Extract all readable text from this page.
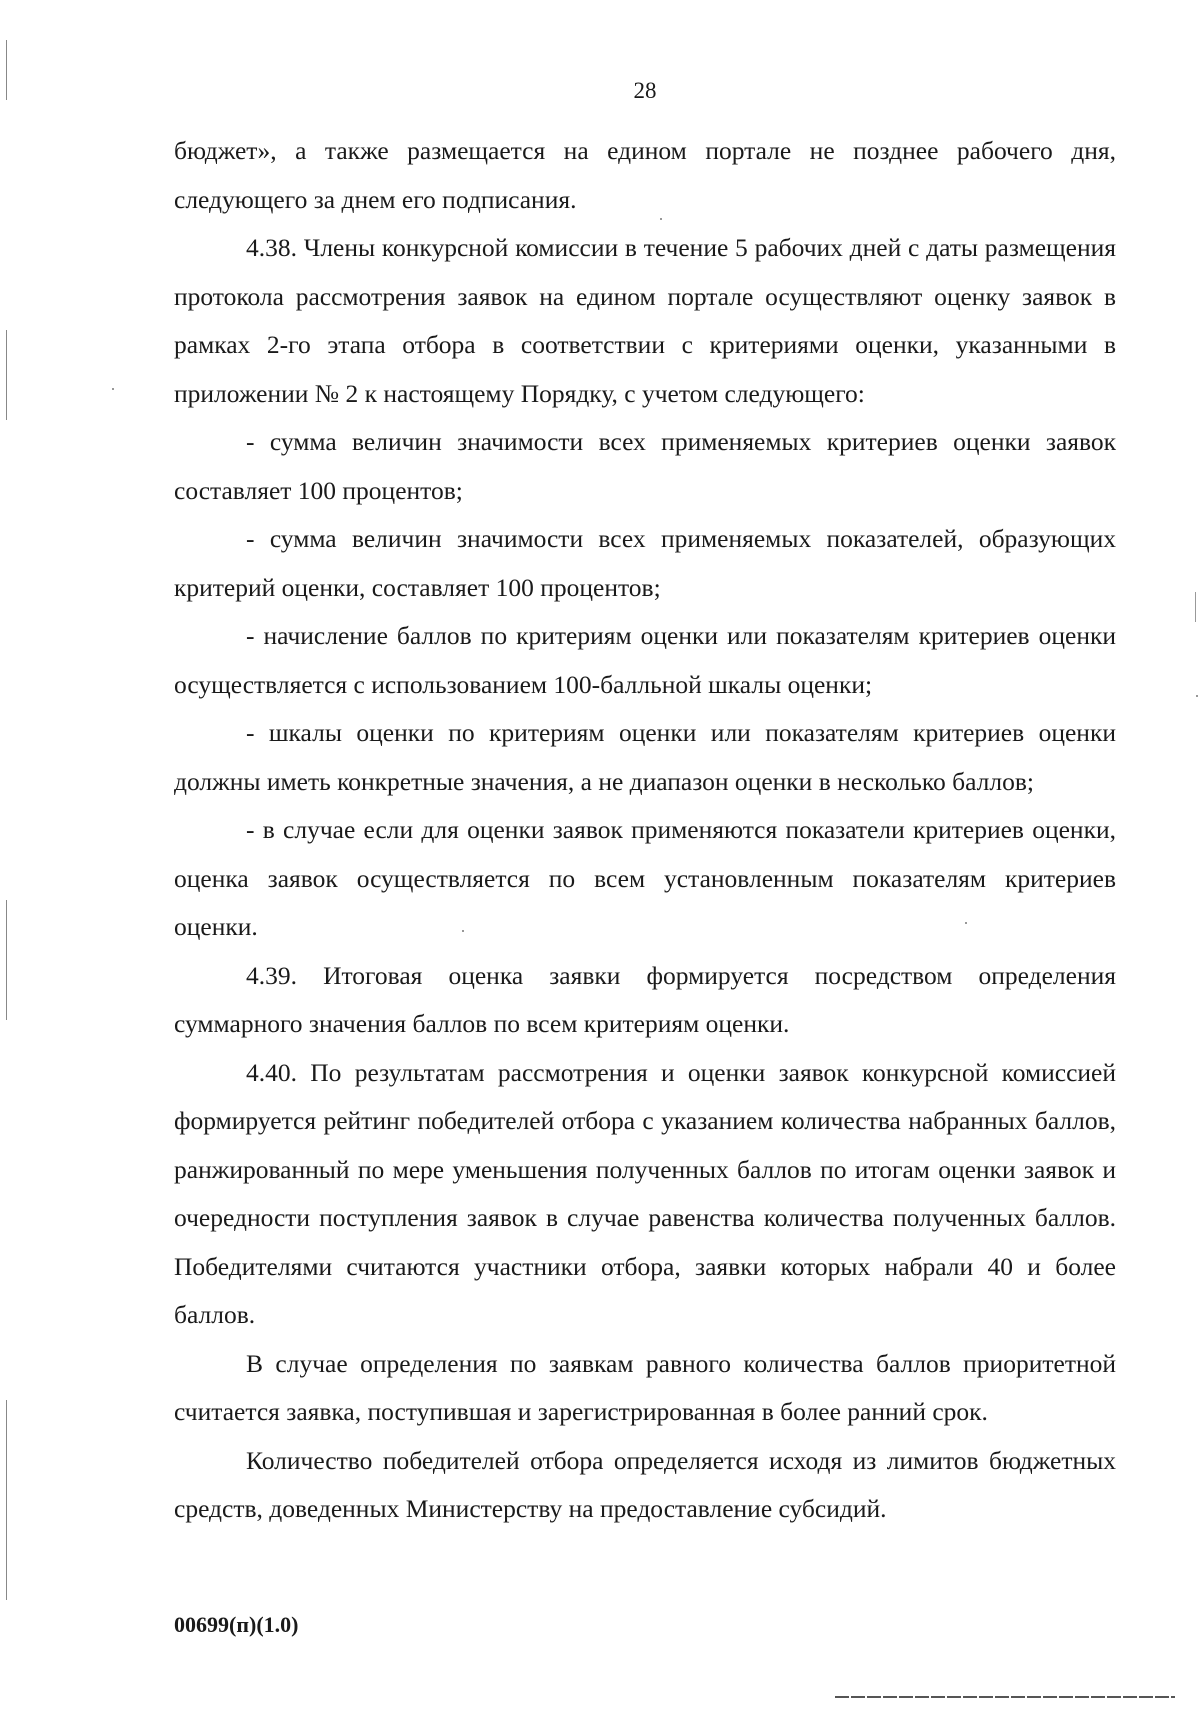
28

бюджет», а также размещается на едином портале не позднее рабочего дня, следующего за днем его подписания.

4.38. Члены конкурсной комиссии в течение 5 рабочих дней с даты размещения протокола рассмотрения заявок на едином портале осуществляют оценку заявок в рамках 2-го этапа отбора в соответствии с критериями оценки, указанными в приложении № 2 к настоящему Порядку, с учетом следующего:

- сумма величин значимости всех применяемых критериев оценки заявок составляет 100 процентов;

- сумма величин значимости всех применяемых показателей, образующих критерий оценки, составляет 100 процентов;

- начисление баллов по критериям оценки или показателям критериев оценки осуществляется с использованием 100-балльной шкалы оценки;

- шкалы оценки по критериям оценки или показателям критериев оценки должны иметь конкретные значения, а не диапазон оценки в несколько баллов;

- в случае если для оценки заявок применяются показатели критериев оценки, оценка заявок осуществляется по всем установленным показателям критериев оценки.

4.39. Итоговая оценка заявки формируется посредством определения суммарного значения баллов по всем критериям оценки.

4.40. По результатам рассмотрения и оценки заявок конкурсной комиссией формируется рейтинг победителей отбора с указанием количества набранных баллов, ранжированный по мере уменьшения полученных баллов по итогам оценки заявок и очередности поступления заявок в случае равенства количества полученных баллов. Победителями считаются участники отбора, заявки которых набрали 40 и более баллов.

В случае определения по заявкам равного количества баллов приоритетной считается заявка, поступившая и зарегистрированная в более ранний срок.

Количество победителей отбора определяется исходя из лимитов бюджетных средств, доведенных Министерству на предоставление субсидий.

00699(п)(1.0)
